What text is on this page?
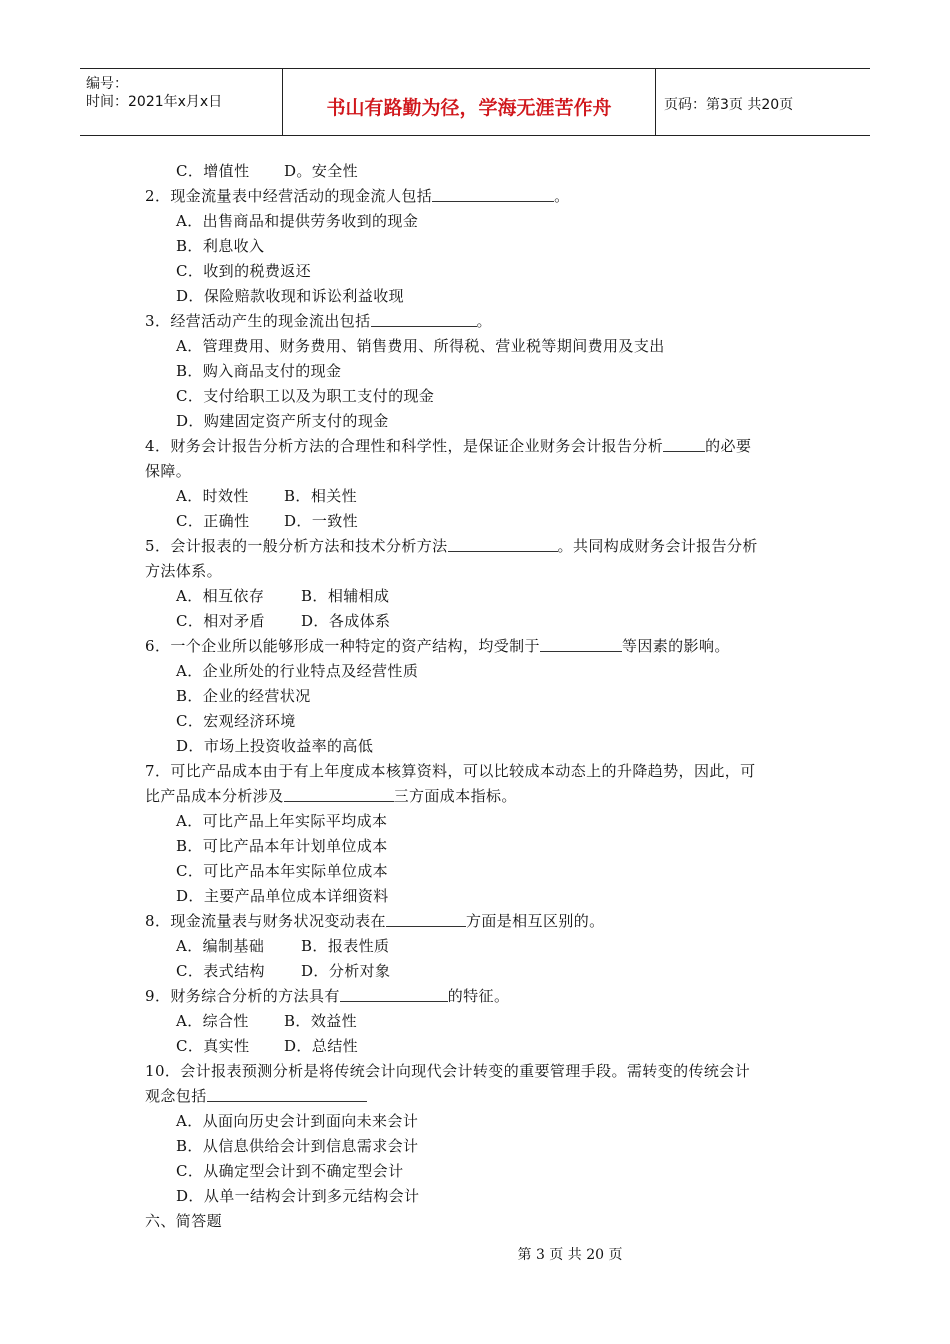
编号：
时间：2021年x月x日	书山有路勤为径，学海无涯苦作舟	页码：第3页 共20页
C．增值性 D。安全性
2．现金流量表中经营活动的现金流人包括	。
A．出售商品和提供劳务收到的现金
B．利息收入
C．收到的税费返还
D．保险赔款收现和诉讼利益收现
3．经营活动产生的现金流出包括	。
A．管理费用、财务费用、销售费用、所得税、营业税等期间费用及支出
B．购入商品支付的现金
C．支付给职工以及为职工支付的现金
D．购建固定资产所支付的现金
4．财务会计报告分析方法的合理性和科学性，是保证企业财务会计报告分析	的必要
保障。
A．时效性 B．相关性
C．正确性 D．一致性
5．会计报表的一般分析方法和技术分析方法	。共同构成财务会计报告分析
方法体系。
A．相互依存 B．相辅相成
C．相对矛盾 D．各成体系
6．一个企业所以能够形成一种特定的资产结构，均受制于	等因素的影响。
A．企业所处的行业特点及经营性质
B．企业的经营状况
C．宏观经济环境
D．市场上投资收益率的高低
7．可比产品成本由于有上年度成本核算资料，可以比较成本动态上的升降趋势，因此，可
比产品成本分析涉及	三方面成本指标。
A．可比产品上年实际平均成本
B．可比产品本年计划单位成本
C．可比产品本年实际单位成本
D．主要产品单位成本详细资料
8．现金流量表与财务状况变动表在	方面是相互区别的。
A．编制基础 B．报表性质
C．表式结构 D．分析对象
9．财务综合分析的方法具有	的特征。
A．综合性 B．效益性
C．真实性 D．总结性
10．会计报表预测分析是将传统会计向现代会计转变的重要管理手段。需转变的传统会计
观念包括
A．从面向历史会计到面向未来会计
B．从信息供给会计到信息需求会计
C．从确定型会计到不确定型会计
D．从单一结构会计到多元结构会计
六、简答题
第 3 页 共 20 页
